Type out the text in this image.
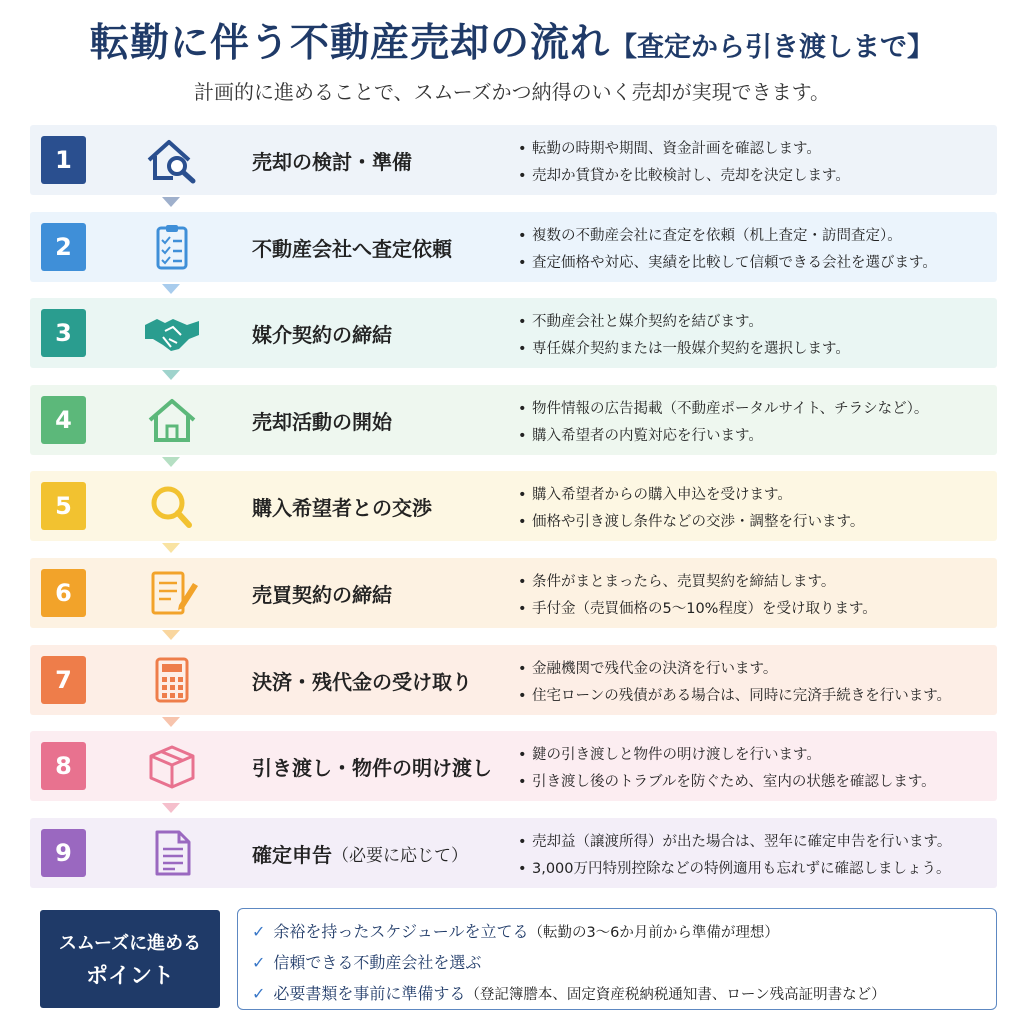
転勤に伴う不動産売却の流れ【査定から引き渡しまで】
計画的に進めることで、スムーズかつ納得のいく売却が実現できます。
1	売却の検討・準備
• 転勤の時期や期間、資金計画を確認します。
• 売却か賃貸かを比較検討し、売却を決定します。
2	不動産会社へ査定依頼
• 複数の不動産会社に査定を依頼（机上査定・訪問査定）。
• 査定価格や対応、実績を比較して信頼できる会社を選びます。
3	媒介契約の締結
• 不動産会社と媒介契約を結びます。
• 専任媒介契約または一般媒介契約を選択します。
4	売却活動の開始
• 物件情報の広告掲載（不動産ポータルサイト、チラシなど）。
• 購入希望者の内覧対応を行います。
5	購入希望者との交渉
• 購入希望者からの購入申込を受けます。
• 価格や引き渡し条件などの交渉・調整を行います。
6	売買契約の締結
• 条件がまとまったら、売買契約を締結します。
• 手付金（売買価格の5〜10%程度）を受け取ります。
7	決済・残代金の受け取り
• 金融機関で残代金の決済を行います。
• 住宅ローンの残債がある場合は、同時に完済手続きを行います。
8	引き渡し・物件の明け渡し
• 鍵の引き渡しと物件の明け渡しを行います。
• 引き渡し後のトラブルを防ぐため、室内の状態を確認します。
9	確定申告 （必要に応じて）
• 売却益（譲渡所得）が出た場合は、翌年に確定申告を行います。
• 3,000万円特別控除などの特例適用も忘れずに確認しましょう。
スムーズに進める
ポイント
✓ 余裕を持ったスケジュールを立てる（転勤の3〜6か月前から準備が理想）
✓ 信頼できる不動産会社を選ぶ
✓ 必要書類を事前に準備する（登記簿謄本、固定資産税納税通知書、ローン残高証明書など）
